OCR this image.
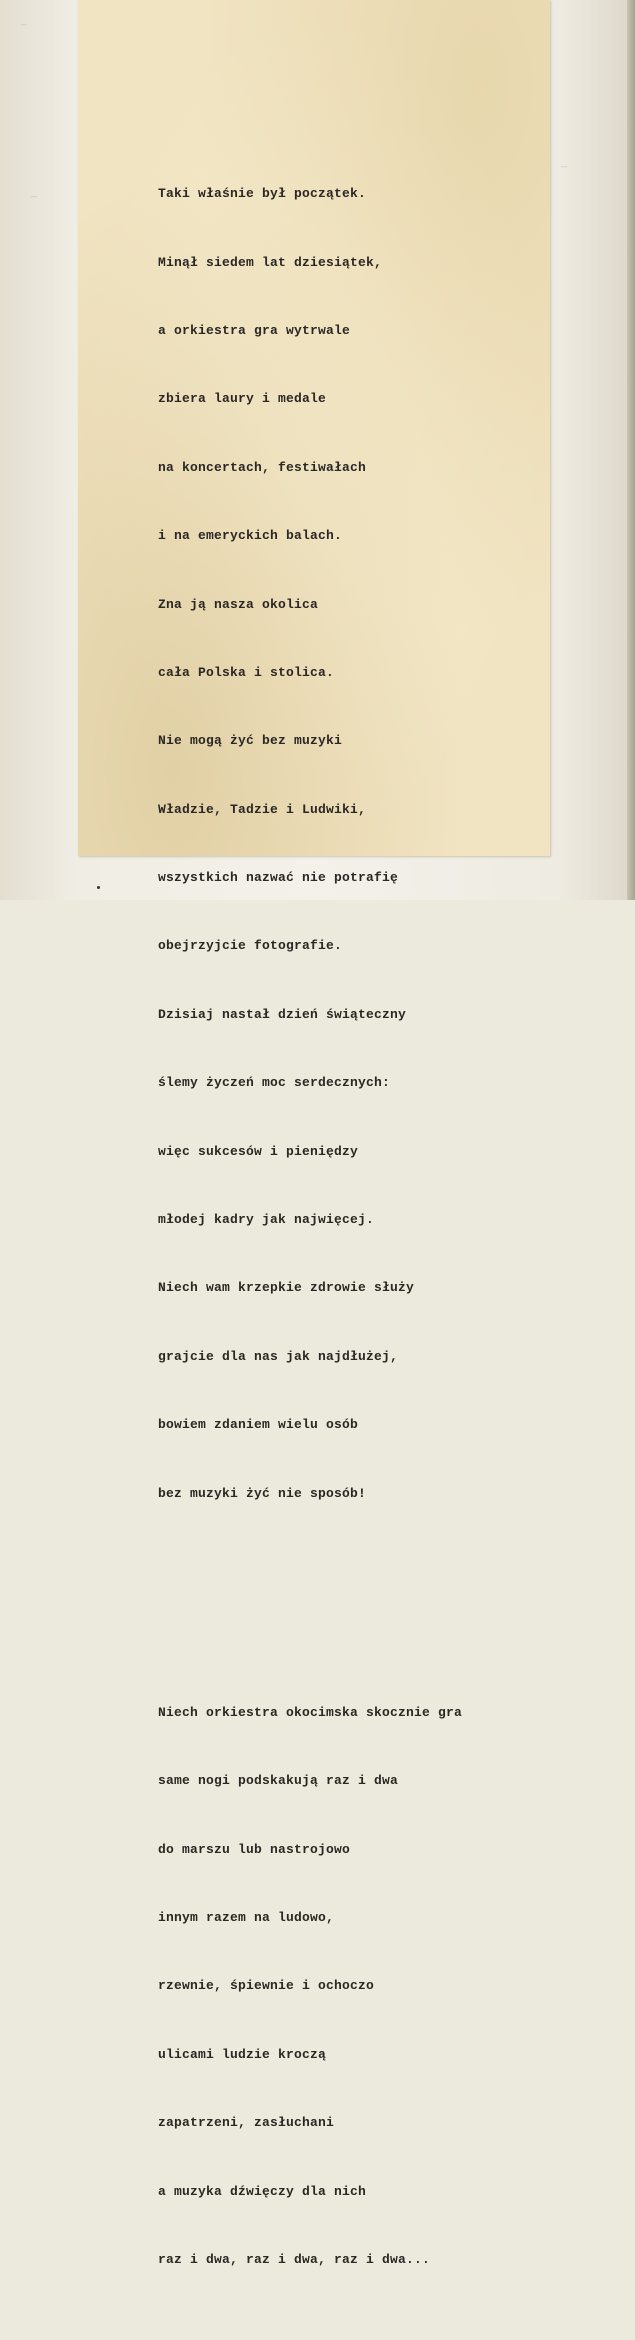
~
~
~

Taki właśnie był początek.

Minął siedem lat dziesiątek,

a orkiestra gra wytrwale

zbiera laury i medale

na koncertach, festiwałach

i na emeryckich balach.

Zna ją nasza okolica

cała Polska i stolica.

Nie mogą żyć bez muzyki

Władzie, Tadzie i Ludwiki,

wszystkich nazwać nie potrafię

obejrzyjcie fotografie.

Dzisiaj nastał dzień świąteczny

ślemy życzeń moc serdecznych:

więc sukcesów i pieniędzy

młodej kadry jak najwięcej.

Niech wam krzepkie zdrowie służy

grajcie dla nas jak najdłużej,

bowiem zdaniem wielu osób

bez muzyki żyć nie sposób!

Niech orkiestra okocimska skocznie gra

same nogi podskakują raz i dwa

do marszu lub nastrojowo

innym razem na ludowo,

rzewnie, śpiewnie i ochoczo

ulicami ludzie kroczą

zapatrzeni, zasłuchani

a muzyka dźwięczy dla nich

raz i dwa, raz i dwa, raz i dwa...
